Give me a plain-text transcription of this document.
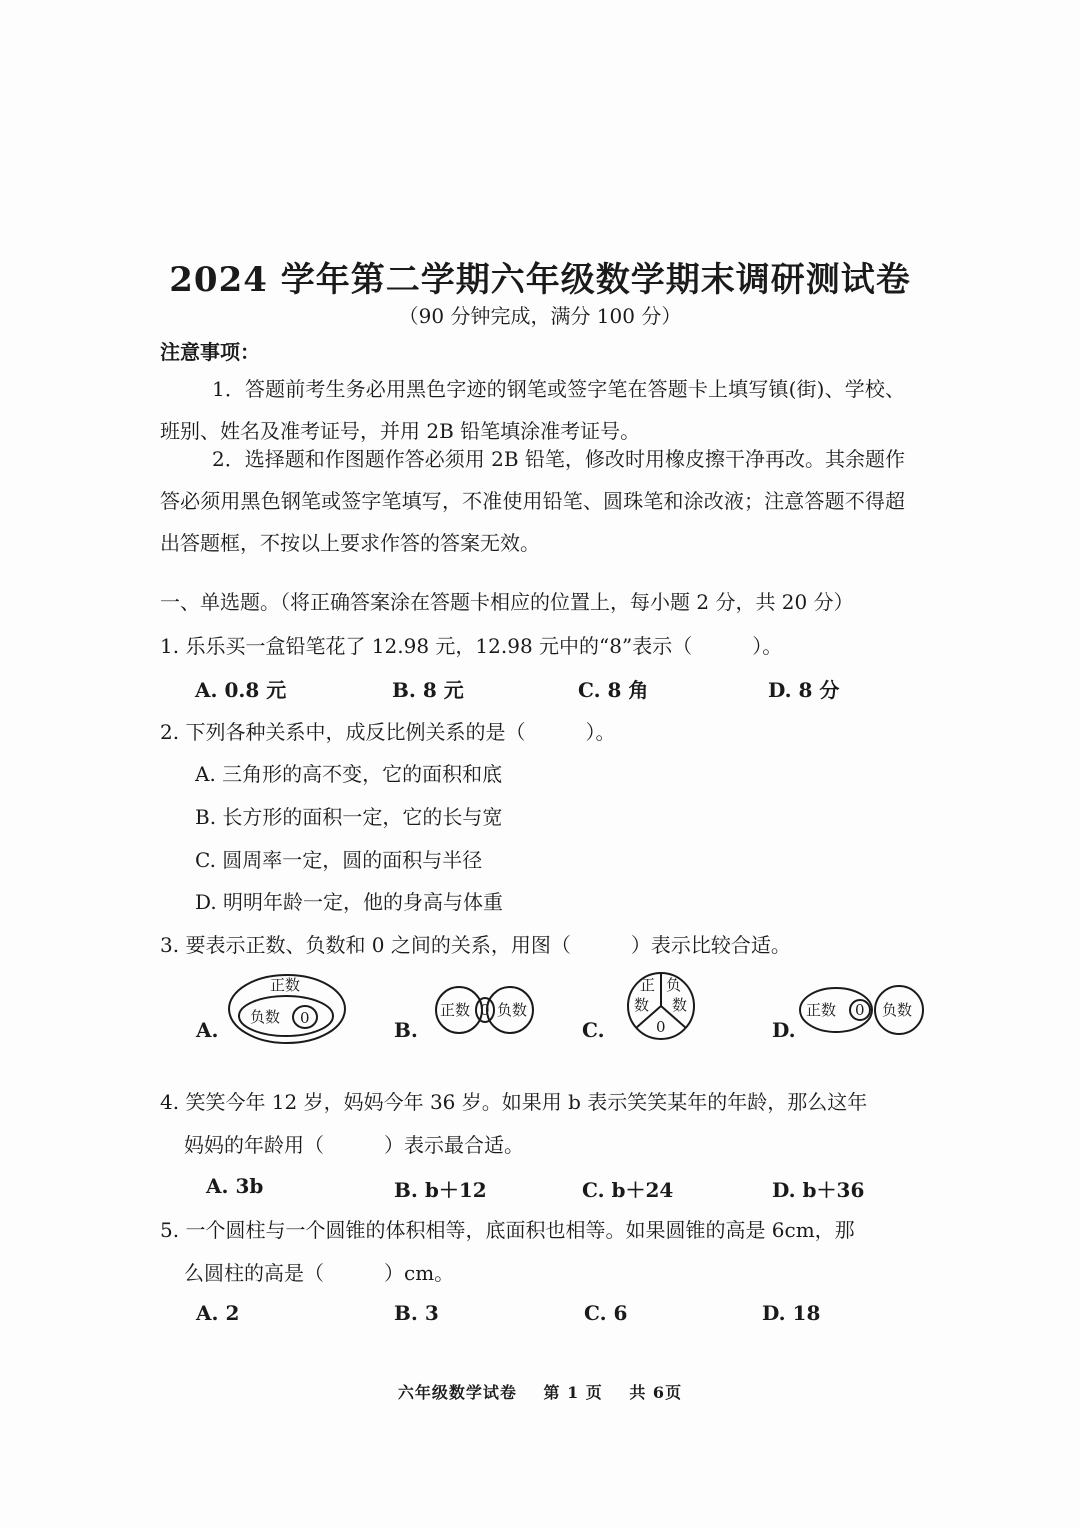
2024 学年第二学期六年级数学期末调研测试卷
（90 分钟完成，满分 100 分）
注意事项：
1．答题前考生务必用黑色字迹的钢笔或签字笔在答题卡上填写镇(街)、学校、班别、姓名及准考证号，并用 2B 铅笔填涂准考证号。
2．选择题和作图题作答必须用 2B 铅笔，修改时用橡皮擦干净再改。其余题作答必须用黑色钢笔或签字笔填写，不准使用铅笔、圆珠笔和涂改液；注意答题不得超出答题框，不按以上要求作答的答案无效。
一、单选题。（将正确答案涂在答题卡相应的位置上，每小题 2 分，共 20 分）
1. 乐乐买一盒铅笔花了 12.98 元，12.98 元中的“8”表示（　　　）。
A. 0.8 元	B. 8 元	C. 8 角	D. 8 分
2. 下列各种关系中，成反比例关系的是（　　　）。
A. 三角形的高不变，它的面积和底
B. 长方形的面积一定，它的长与宽
C. 圆周率一定，圆的面积与半径
D. 明明年龄一定，他的身高与体重
3. 要表示正数、负数和 0 之间的关系，用图（　　　）表示比较合适。
A.
正数
负数 0	B.
正数 0 负数
C.
正
数
负
数
0	D.
正数 0 负数
4. 笑笑今年 12 岁，妈妈今年 36 岁。如果用 b 表示笑笑某年的年龄，那么这年
妈妈的年龄用（　　　）表示最合适。
A. 3b	B. b＋12	C. b＋24	D. b＋36
5. 一个圆柱与一个圆锥的体积相等，底面积也相等。如果圆锥的高是 6cm，那
么圆柱的高是（　　　）cm。
A. 2	B. 3	C. 6	D. 18
六年级数学试卷 第 1 页 共 6页
